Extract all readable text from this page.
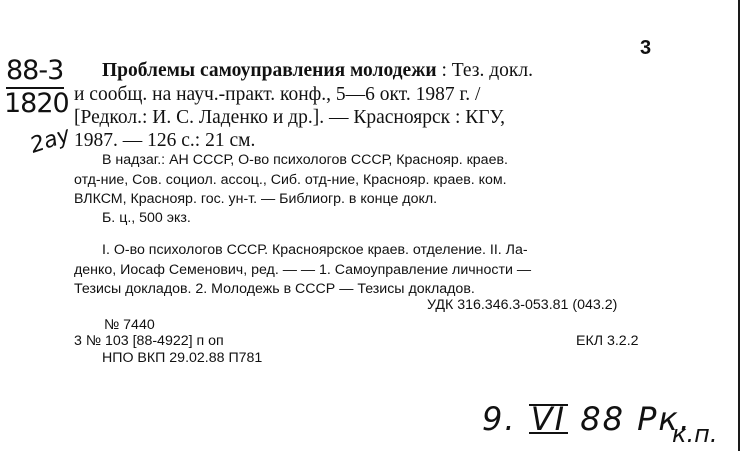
3
88-3
1820
2ay
Проблемы самоуправления молодежи : Тез. докл.
и сообщ. на науч.-практ. конф., 5—6 окт. 1987 г. /
[Редкол.: И. С. Ладенко и др.]. — Красноярск : КГУ,
1987. — 126 с.: 21 см.
В надзаг.: АН СССР, О-во психологов СССР, Краснояр. краев.
отд-ние, Сов. социол. ассоц., Сиб. отд-ние, Краснояр. краев. ком.
ВЛКСМ, Краснояр. гос. ун-т. — Библиогр. в конце докл.
Б. ц., 500 экз.
I. О-во психологов СССР. Красноярское краев. отделение. II. Ла-
денко, Иосаф Семенович, ред. — — 1. Самоуправление личности —
Тезисы докладов. 2. Молодежь в СССР — Тезисы докладов.
УДК 316.346.3-053.81 (043.2)
№ 7440
3 № 103 [88-4922] п оп	ЕКЛ 3.2.2
НПО ВКП 29.02.88 П781
9. VI 88 Рк.
к.п.
